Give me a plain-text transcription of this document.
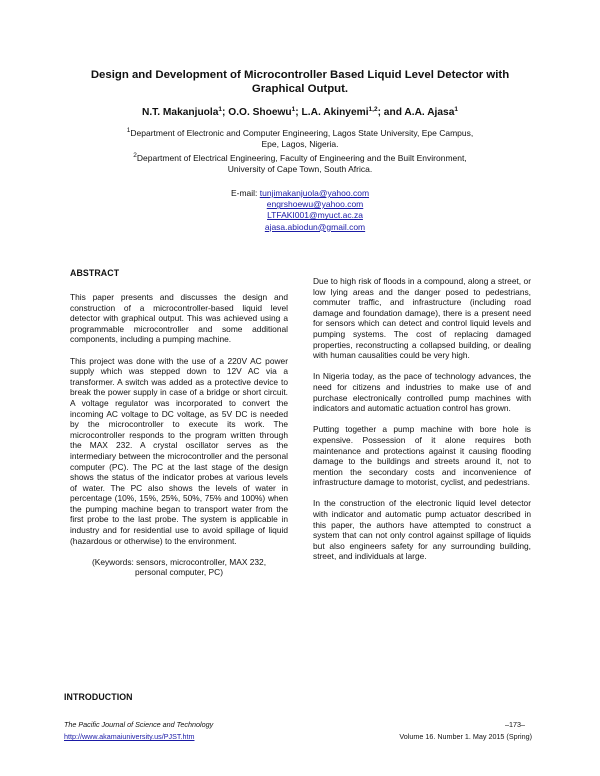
Design and Development of Microcontroller Based Liquid Level Detector with
Graphical Output.
N.T. Makanjuola$^1$; O.O. Shoewu$^1$; L.A. Akinyemi$^{1,2}$; and A.A. Ajasa$^1$
$^1$Department of Electronic and Computer Engineering, Lagos State University, Epe Campus,
Epe, Lagos, Nigeria.
$^2$Department of Electrical Engineering, Faculty of Engineering and the Built Environment,
University of Cape Town, South Africa.
E-mail: tunjimakanjuola@yahoo.com
engrshoewu@yahoo.com
LTFAKI001@myuct.ac.za
ajasa.abiodun@gmail.com
ABSTRACT

This paper presents and discusses the design and construction of a microcontroller-based liquid level detector with graphical output. This was achieved using a programmable microcontroller and some additional components, including a pumping machine.

This project was done with the use of a 220V AC power supply which was stepped down to 12V AC via a transformer. A switch was added as a protective device to break the power supply in case of a bridge or short circuit. A voltage regulator was incorporated to convert the incoming AC voltage to DC voltage, as 5V DC is needed by the microcontroller to execute its work. The microcontroller responds to the program written through the MAX 232. A crystal oscillator serves as the intermediary between the microcontroller and the personal computer (PC). The PC at the last stage of the design shows the status of the indicator probes at various levels of water. The PC also shows the levels of water in percentage (10%, 15%, 25%, 50%, 75% and 100%) when the pumping machine began to transport water from the first probe to the last probe. The system is applicable in industry and for residential use to avoid spillage of liquid (hazardous or otherwise) to the environment.

(Keywords: sensors, microcontroller, MAX 232,
personal computer, PC)

Due to high risk of floods in a compound, along a street, or low lying areas and the danger posed to pedestrians, commuter traffic, and infrastructure (including road damage and foundation damage), there is a present need for sensors which can detect and control liquid levels and pumping systems. The cost of replacing damaged properties, reconstructing a collapsed building, or dealing with human causalities could be very high.

In Nigeria today, as the pace of technology advances, the need for citizens and industries to make use of and purchase electronically controlled pump machines with indicators and automatic actuation control has grown.

Putting together a pump machine with bore hole is expensive. Possession of it alone requires both maintenance and protections against it causing flooding damage to the buildings and streets around it, not to mention the secondary costs and inconvenience of infrastructure damage to motorist, cyclist, and pedestrians.

In the construction of the electronic liquid level detector with indicator and automatic pump actuator described in this paper, the authors have attempted to construct a system that can not only control against spillage of liquids but also engineers safety for any surrounding building, street, and individuals at large.

INTRODUCTION
The Pacific Journal of Science and Technology	–173–
http://www.akamaiuniversity.us/PJST.htm	Volume 16. Number 1. May 2015 (Spring)
